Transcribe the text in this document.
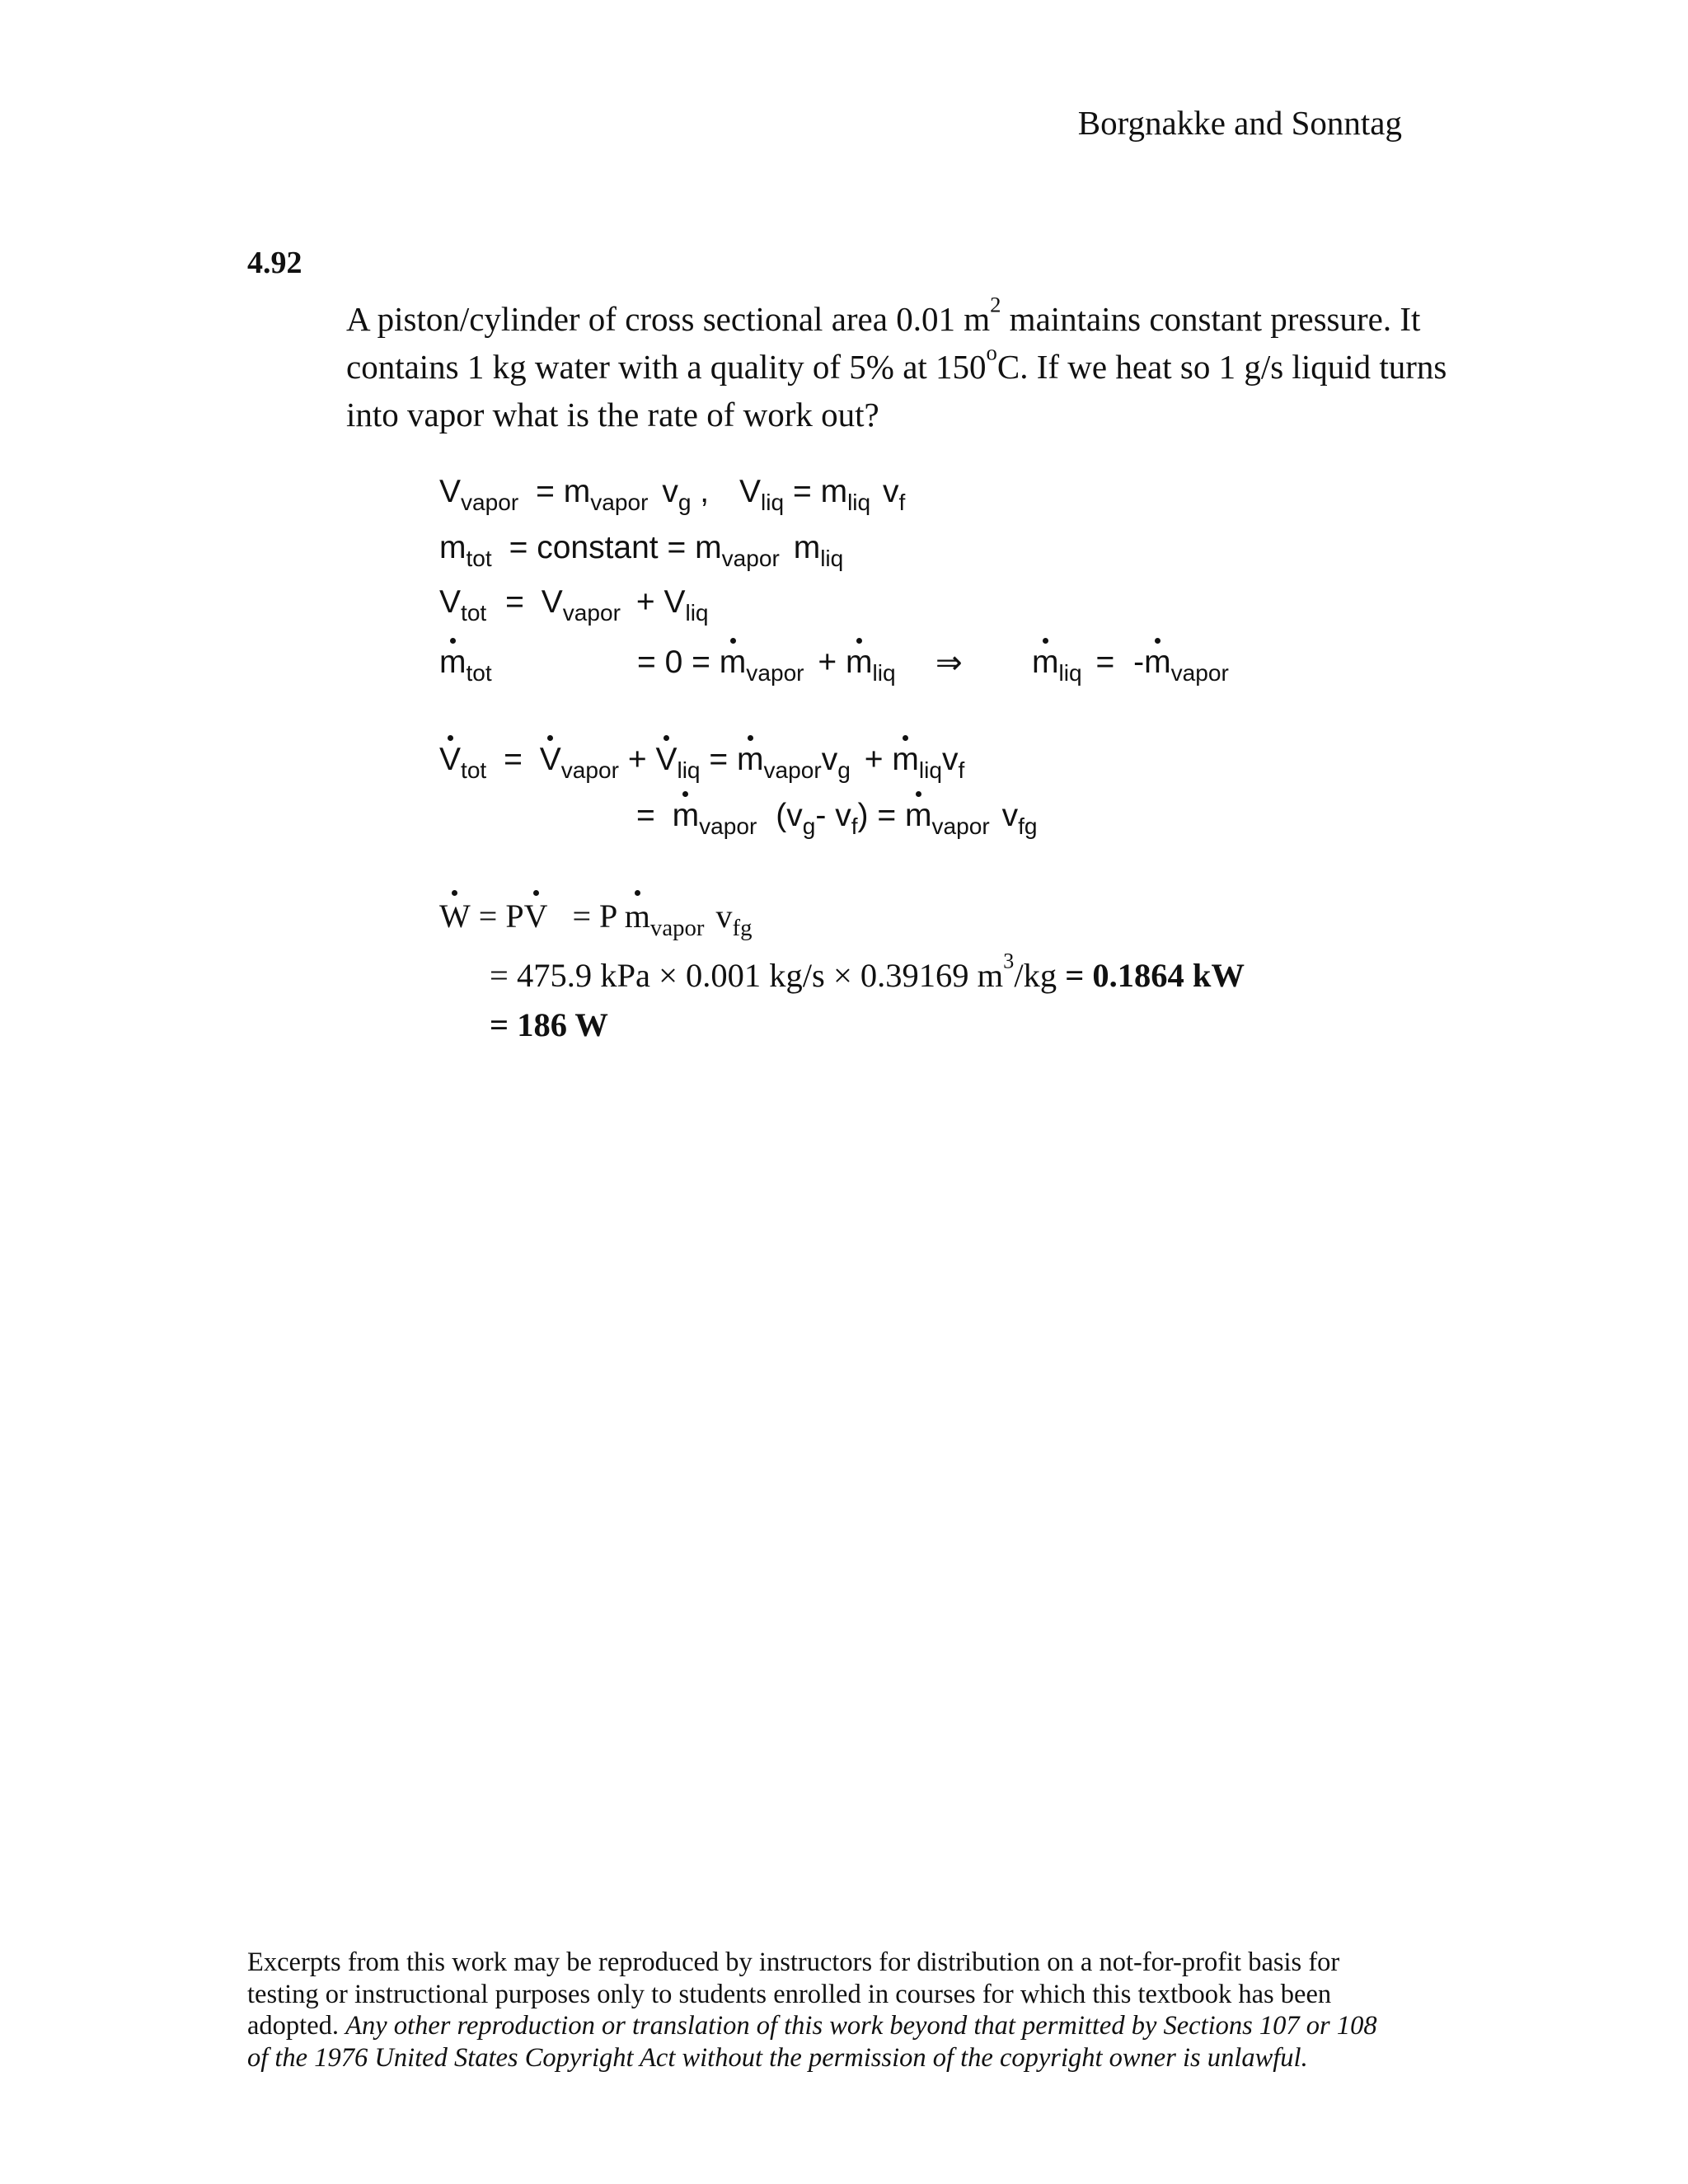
Borgnakke and Sonntag
4.92
A piston/cylinder of cross sectional area 0.01 $m^2$ maintains constant pressure. It
contains 1 kg water with a quality of 5% at 150$^o$C. If we heat so 1 g/s liquid turns
into vapor what is the rate of work out?
$V_{vapor} = m_{vapor}$ $v_g$ , $V_{liq} = m_{liq}$ $v_f$
$m_{tot}$ = constant = $m_{vapor}$ $m_{liq}$
$V_{tot} = V_{vapor} + V_{liq}$
$m_{tot}$	= $0 = m_{vapor} + m_{liq}$ ⇒ $m_{liq} = -m_{vapor}$
$V_{tot} = V_{vapor} + V_{liq} = m_{vapor}v_g + m_{liq}v_f$
= $m_{vapor}$ ($v_g-$ $v_f) = m_{vapor}$ $v_{fg}$
W = PV = P $m_{vapor}$ $v_{fg}$
= 475.9 kPa × 0.001 kg/s × 0.39169 $m^3/kg = 0.1864$ kW
= 186 W
Excerpts from this work may be reproduced by instructors for distribution on a not-for-profit basis for
testing or instructional purposes only to students enrolled in courses for which this textbook has been
adopted. Any other reproduction or translation of this work beyond that permitted by Sections 107 or 108
of the 1976 United States Copyright Act without the permission of the copyright owner is unlawful.
